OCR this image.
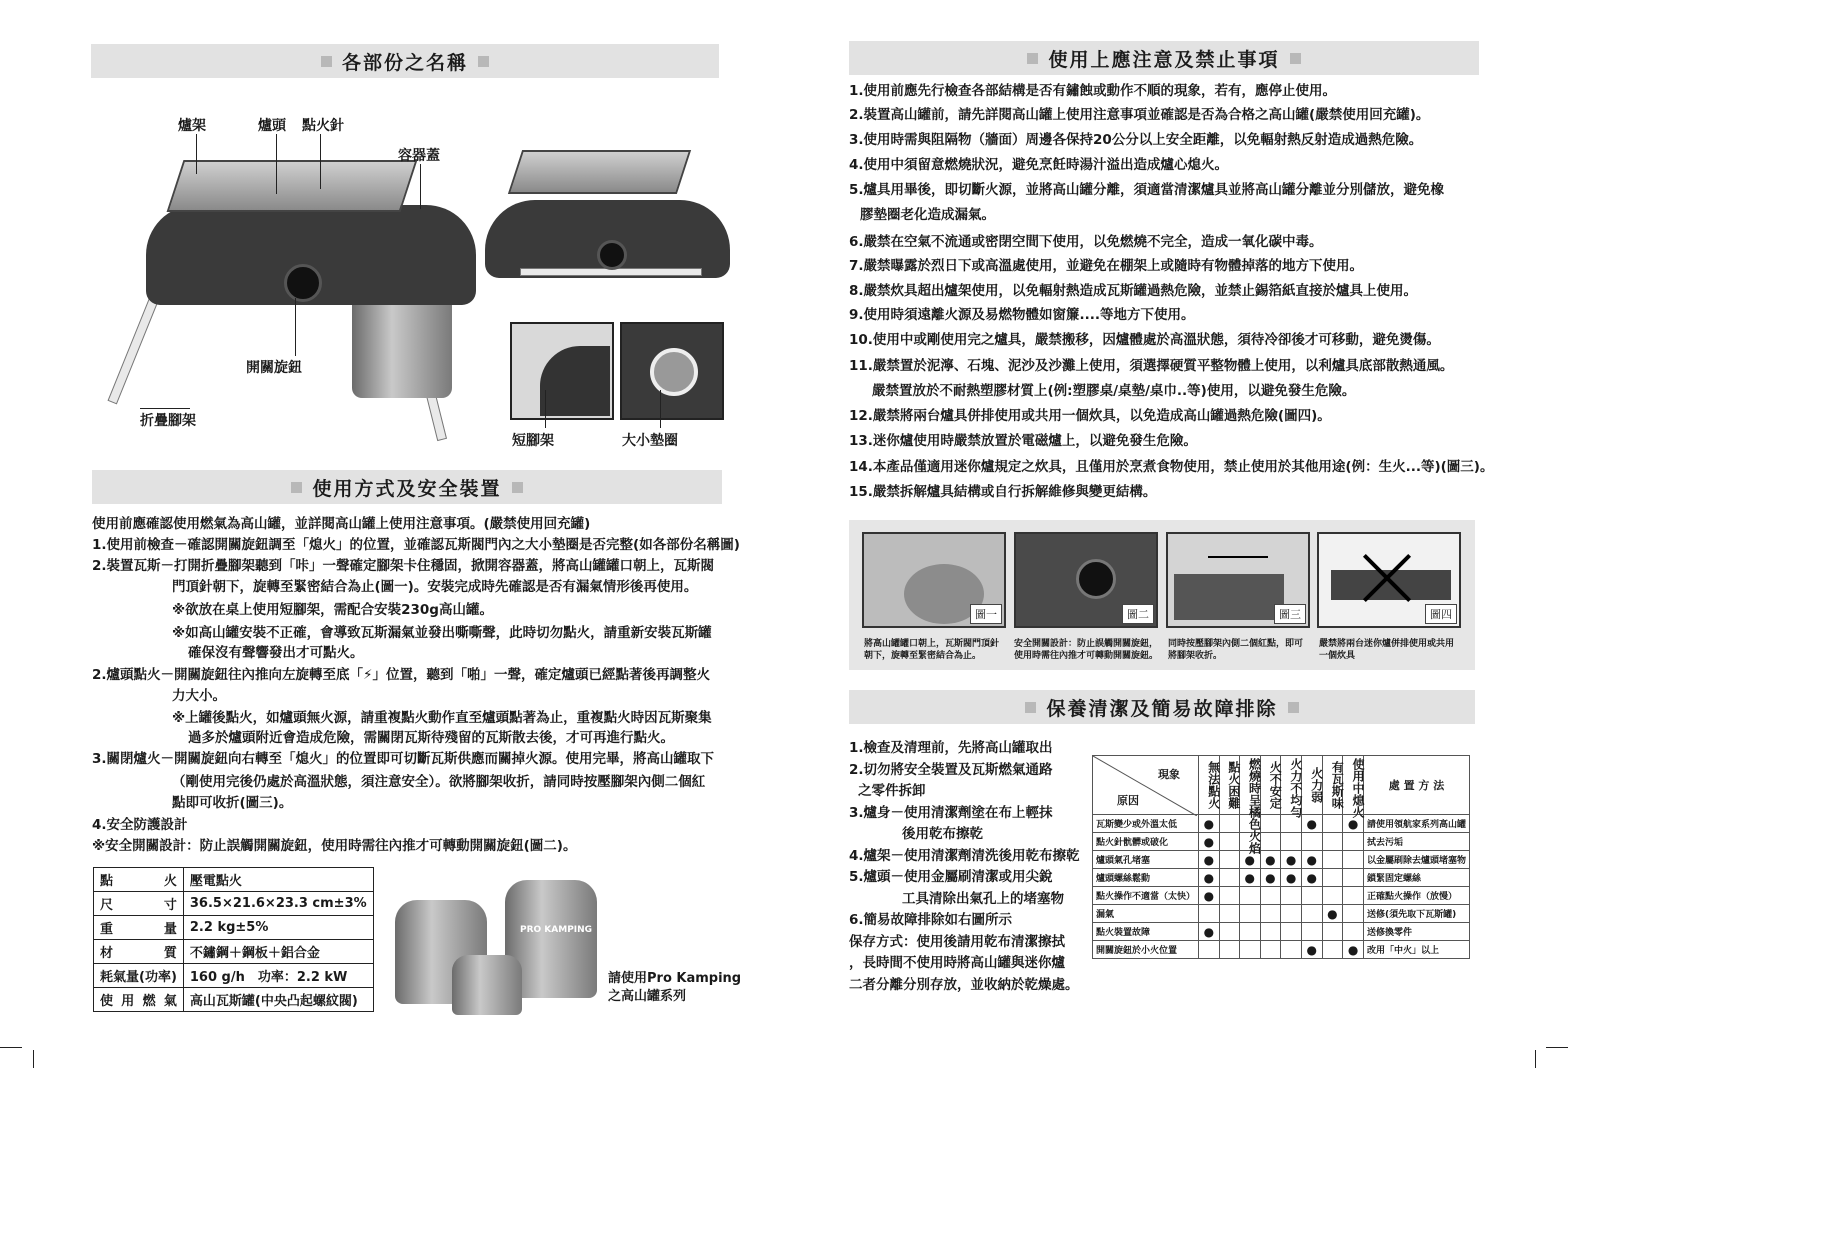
各部份之名稱
爐架	爐頭 點火針
容器蓋
開關旋鈕
折疊腳架
短腳架	大小墊圈
使用方式及安全裝置
使用前應確認使用燃氣為高山罐，並詳閱高山罐上使用注意事項。(嚴禁使用回充罐)
1.使用前檢查－確認開關旋鈕調至「熄火」的位置，並確認瓦斯閥門內之大小墊圈是否完整(如各部份名稱圖)
2.裝置瓦斯－打開折疊腳架聽到「咔」一聲確定腳架卡住穩固，掀開容器蓋，將高山罐罐口朝上，瓦斯閥
門頂針朝下，旋轉至緊密結合為止(圖一)。安裝完成時先確認是否有漏氣情形後再使用。
※欲放在桌上使用短腳架，需配合安裝230g高山罐。
※如高山罐安裝不正確，會導致瓦斯漏氣並發出嘶嘶聲，此時切勿點火，請重新安裝瓦斯罐
確保沒有聲響發出才可點火。
2.爐頭點火－開關旋鈕往內推向左旋轉至底「⚡」位置，聽到「啪」一聲，確定爐頭已經點著後再調整火
力大小。
※上罐後點火，如爐頭無火源，請重複點火動作直至爐頭點著為止，重複點火時因瓦斯聚集
過多於爐頭附近會造成危險，需關閉瓦斯待殘留的瓦斯散去後，才可再進行點火。
3.關閉爐火－開關旋鈕向右轉至「熄火」的位置即可切斷瓦斯供應而關掉火源。使用完畢，將高山罐取下
（剛使用完後仍處於高溫狀態，須注意安全）。欲將腳架收折，請同時按壓腳架內側二個紅
點即可收折(圖三)。
4.安全防護設計
※安全開關設計：防止誤觸開關旋鈕，使用時需往內推才可轉動開關旋鈕(圖二)。
點火	壓電點火
尺寸	36.5×21.6×23.3 cm±3%
重量	2.2 kg±5%
材質	不鏽鋼＋鋼板＋鋁合金
耗氣量(功率)	160 g/h　功率：2.2 kW
使用燃氣	高山瓦斯罐(中央凸起螺紋閥)
PRO KAMPING
請使用Pro Kamping
之高山罐系列
使用上應注意及禁止事項
1.使用前應先行檢查各部結構是否有鏽蝕或動作不順的現象，若有，應停止使用。
2.裝置高山罐前，請先詳閱高山罐上使用注意事項並確認是否為合格之高山罐(嚴禁使用回充罐)。
3.使用時需與阻隔物（牆面）周邊各保持20公分以上安全距離，以免輻射熱反射造成過熱危險。
4.使用中須留意燃燒狀況，避免烹飪時湯汁溢出造成爐心熄火。
5.爐具用畢後，即切斷火源，並將高山罐分離，須適當清潔爐具並將高山罐分離並分別儲放，避免橡
膠墊圈老化造成漏氣。
6.嚴禁在空氣不流通或密閉空間下使用，以免燃燒不完全，造成一氧化碳中毒。
7.嚴禁曝露於烈日下或高溫處使用，並避免在棚架上或隨時有物體掉落的地方下使用。
8.嚴禁炊具超出爐架使用，以免輻射熱造成瓦斯罐過熱危險，並禁止錫箔紙直接於爐具上使用。
9.使用時須遠離火源及易燃物體如窗簾....等地方下使用。
10.使用中或剛使用完之爐具，嚴禁搬移，因爐體處於高溫狀態，須待冷卻後才可移動，避免燙傷。
11.嚴禁置於泥濘、石塊、泥沙及沙灘上使用，須選擇硬質平整物體上使用，以利爐具底部散熱通風。
嚴禁置放於不耐熱塑膠材質上(例:塑膠桌/桌墊/桌巾..等)使用，以避免發生危險。
12.嚴禁將兩台爐具併排使用或共用一個炊具，以免造成高山罐過熱危險(圖四)。
13.迷你爐使用時嚴禁放置於電磁爐上，以避免發生危險。
14.本產品僅適用迷你爐規定之炊具，且僅用於烹煮食物使用，禁止使用於其他用途(例：生火...等)(圖三)。
15.嚴禁拆解爐具結構或自行拆解維修與變更結構。
圖一	圖二	圖三	圖四
將高山罐罐口朝上，瓦斯閥門頂針
朝下，旋轉至緊密結合為止。
安全開關設計：防止誤觸開關旋鈕，
使用時需往內推才可轉動開關旋鈕。
同時按壓腳架內側二個紅點，即可
將腳架收折。
嚴禁將兩台迷你爐併排使用或共用
一個炊具
保養清潔及簡易故障排除
1.檢查及清理前，先將高山罐取出
2.切勿將安全裝置及瓦斯燃氣通路
之零件拆卸
3.爐身－使用清潔劑塗在布上輕抹
後用乾布擦乾
4.爐架－使用清潔劑清洗後用乾布擦乾
5.爐頭－使用金屬刷清潔或用尖銳
工具清除出氣孔上的堵塞物
6.簡易故障排除如右圖所示
保存方式：使用後請用乾布清潔擦拭
，長時間不使用時將高山罐與迷你爐
二者分離分別存放，並收納於乾燥處。
現象
原因	無法點火	點火困難	燃燒時呈橘色火焰	火不安定	火力不均勻	火力弱	有瓦斯味	使用中熄火	處 置 方 法
瓦斯變少或外溫太低	●					●		●	請使用領航家系列高山罐
點火針骯髒或破化	●								拭去污垢
爐頭氣孔堵塞	●		●	●	●	●			以金屬刷除去爐頭堵塞物
爐頭螺絲鬆動	●		●	●	●	●			鎖緊固定螺絲
點火操作不適當（太快）	●								正確點火操作（放慢）
漏氣							●		送修(須先取下瓦斯罐)
點火裝置故障	●								送修換零件
開關旋鈕於小火位置						●		●	改用「中火」以上
